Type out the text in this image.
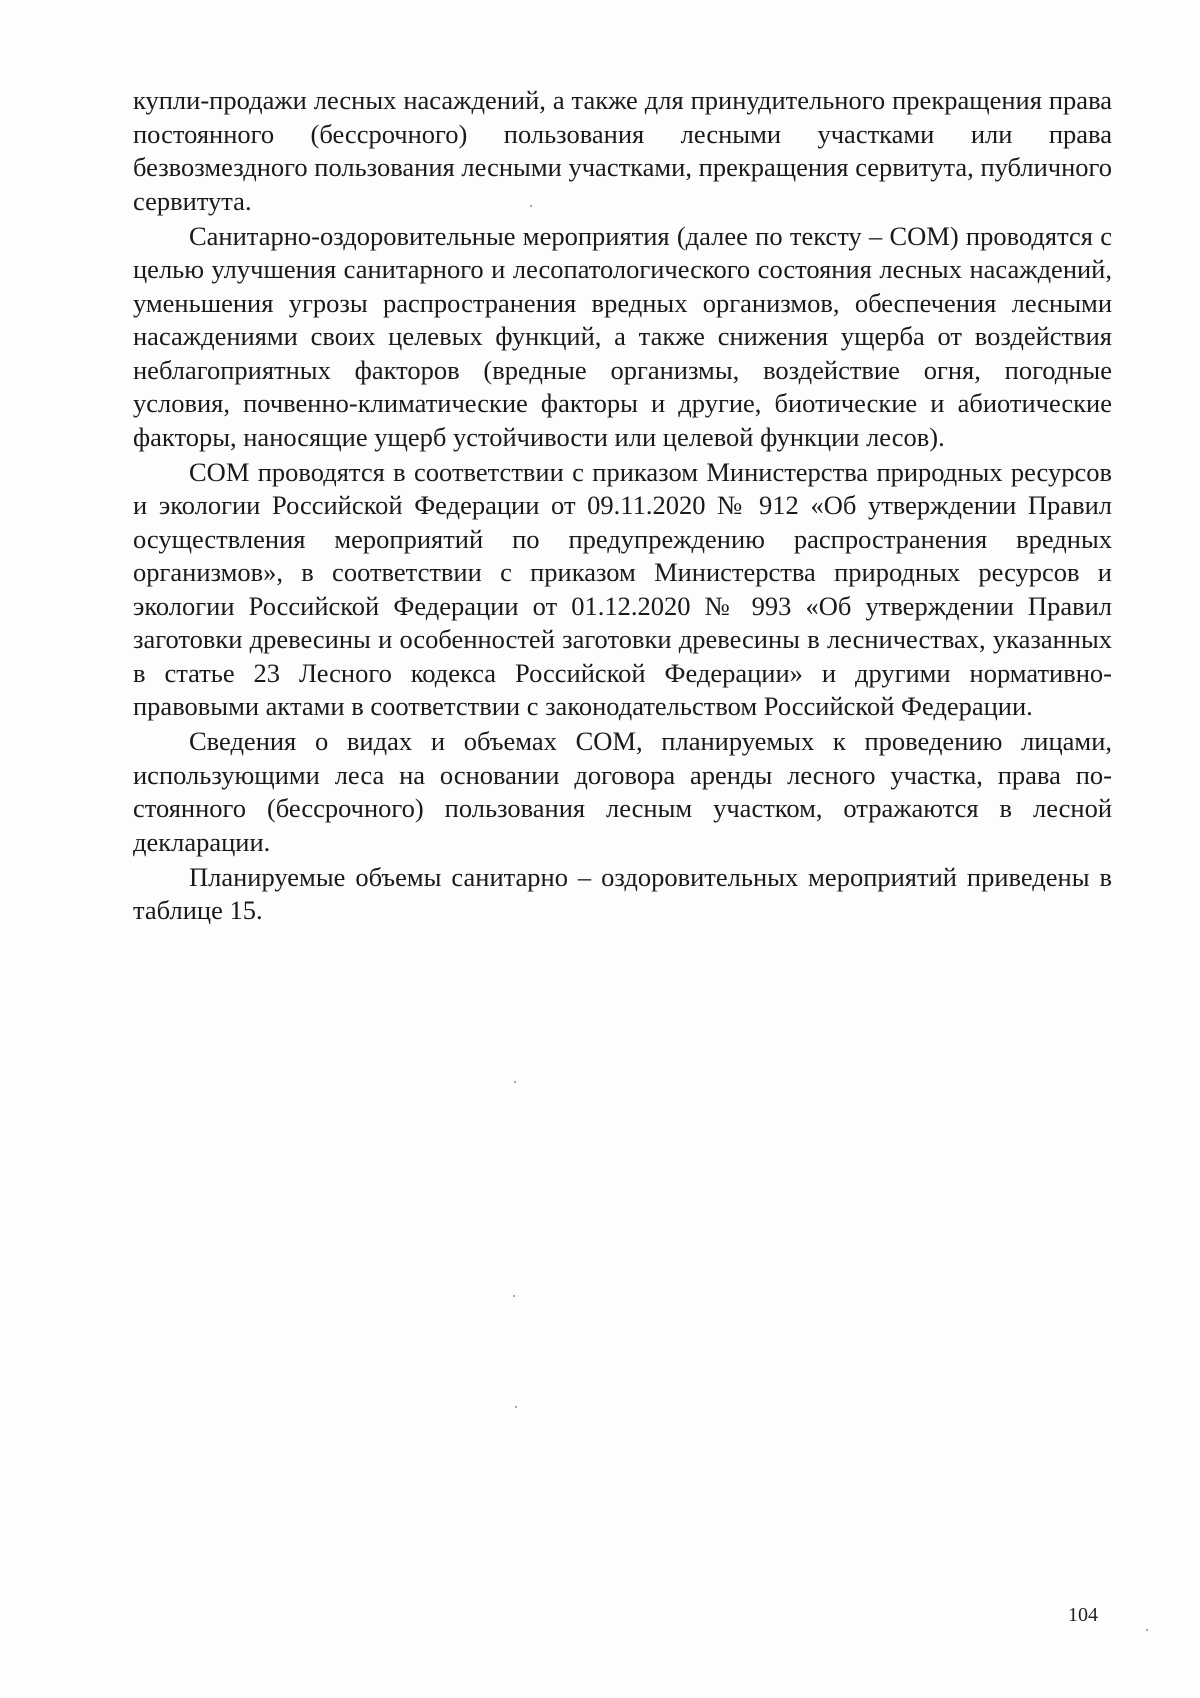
купли-продажи лесных насаждений, а также для принудительного прекращения права постоянного (бессрочного) пользования лесными участками или права безвозмездного пользования лесными участками, прекращения сервитута, публичного сервитута.

Санитарно-оздоровительные мероприятия (далее по тексту – СОМ) проводятся с целью улучшения санитарного и лесопатологического состояния лесных насаждений, уменьшения угрозы распространения вредных организмов, обеспечения лесными насаждениями своих целевых функций, а также снижения ущерба от воздействия неблагоприятных факторов (вредные организмы, воздействие огня, погодные условия, почвенно-климатические факторы и другие, биотические и абиотические факторы, наносящие ущерб устойчивости или целевой функции лесов).

СОМ проводятся в соответствии с приказом Министерства природных ресурсов и экологии Российской Федерации от 09.11.2020 № 912 «Об утверждении Правил осуществления мероприятий по предупреждению распространения вредных организмов», в соответствии с приказом Министерства природных ресурсов и экологии Российской Федерации от 01.12.2020 № 993 «Об утверждении Правил заготовки древесины и особенностей заготовки древесины в лесничествах, указанных в статье 23 Лесного кодекса Российской Федерации» и другими нормативно-правовыми актами в соответствии с законодательством Российской Федерации.

Сведения о видах и объемах СОМ, планируемых к проведению лицами, использующими леса на основании договора аренды лесного участка, права постоянного (бессрочного) пользования лесным участком, отражаются в лесной декларации.

Планируемые объемы санитарно – оздоровительных мероприятий приведены в таблице 15.

104
